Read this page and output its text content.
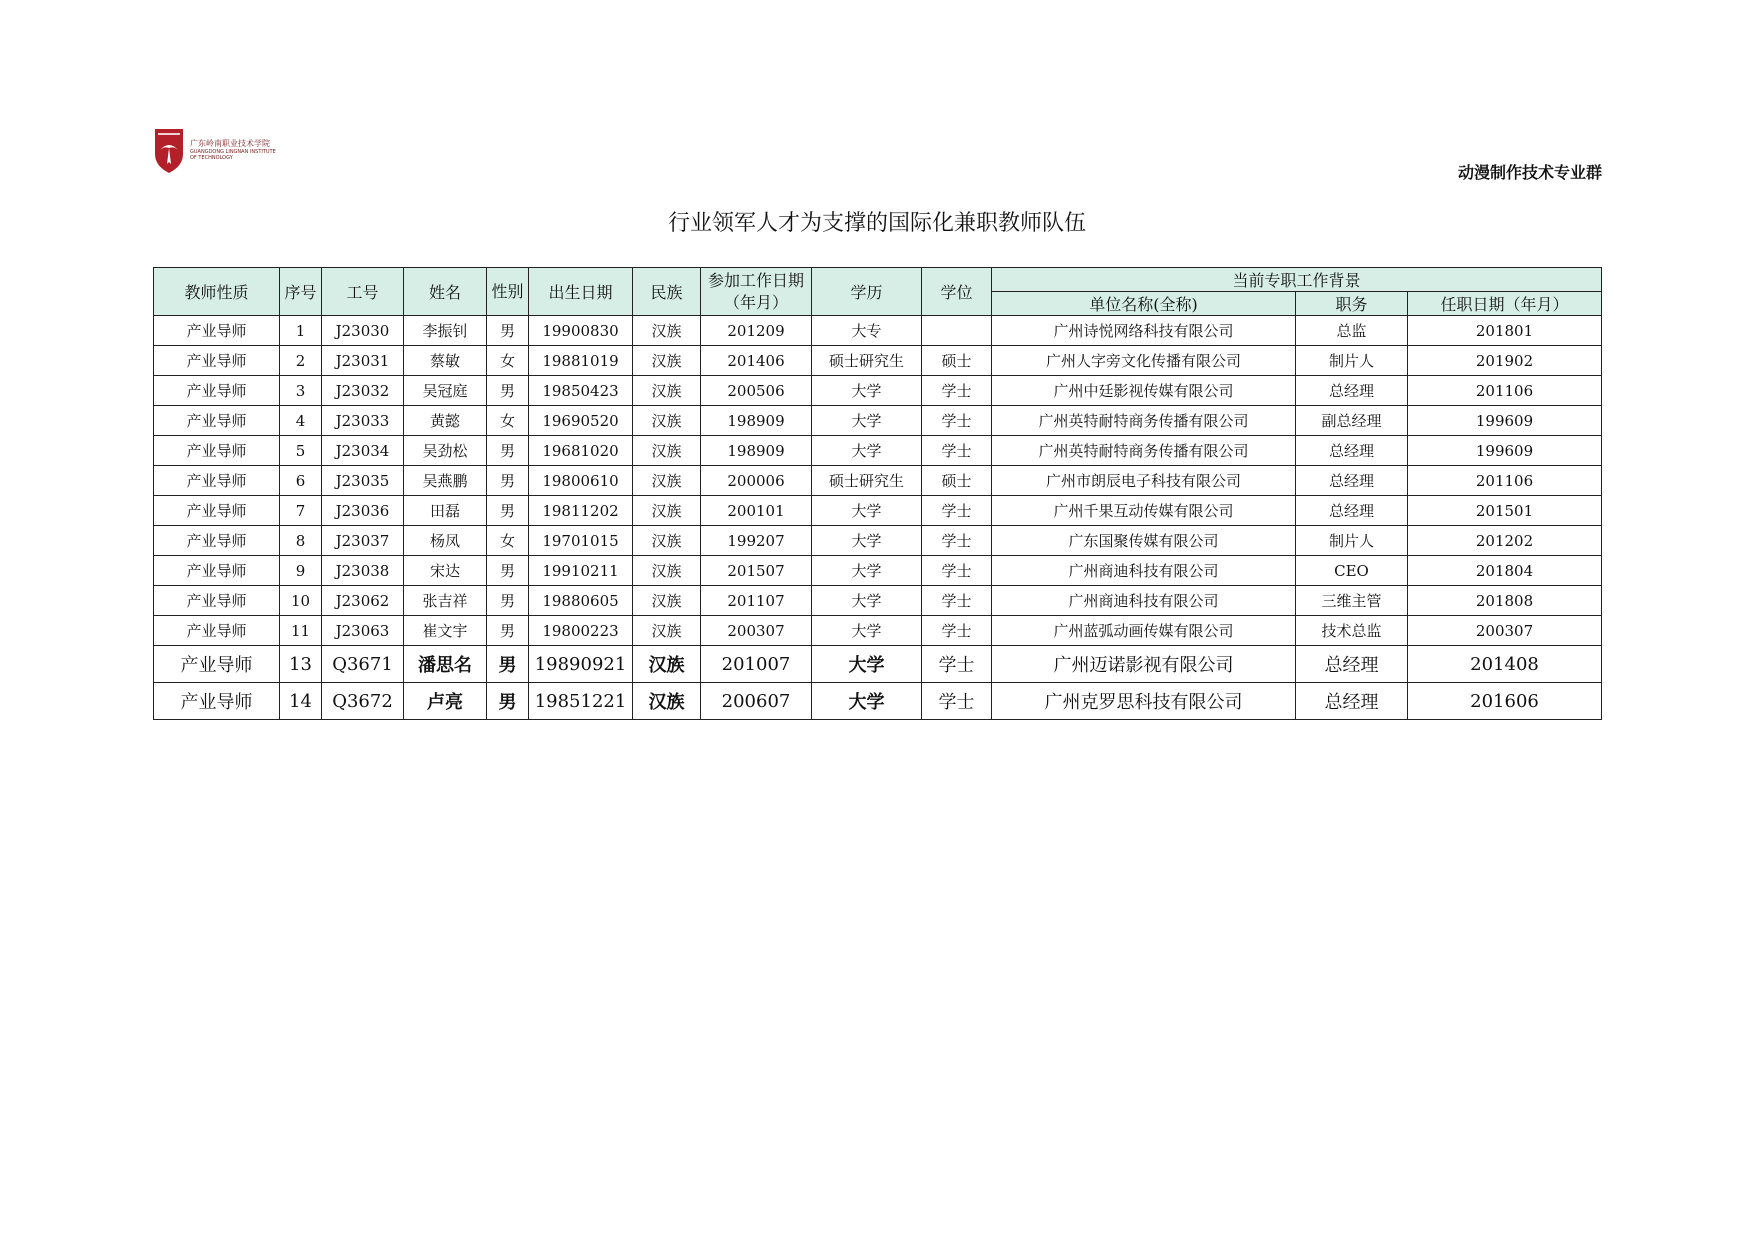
广东岭南职业技术学院
GUANGDONG LINGNAN INSTITUTE OF TECHNOLOGY
动漫制作技术专业群
行业领军人才为支撑的国际化兼职教师队伍
教师性质	序号	工号	姓名	性别	出生日期	民族	参加工作日期（年月）	学历	学位	当前专职工作背景		
										单位名称(全称)	职务	任职日期（年月）
产业导师	1	J23030	李振钊	男	19900830	汉族	201209	大专		广州诗悦网络科技有限公司	总监	201801
产业导师	2	J23031	蔡敏	女	19881019	汉族	201406	硕士研究生	硕士	广州人字旁文化传播有限公司	制片人	201902
产业导师	3	J23032	吴冠庭	男	19850423	汉族	200506	大学	学士	广州中廷影视传媒有限公司	总经理	201106
产业导师	4	J23033	黄懿	女	19690520	汉族	198909	大学	学士	广州英特耐特商务传播有限公司	副总经理	199609
产业导师	5	J23034	吴劲松	男	19681020	汉族	198909	大学	学士	广州英特耐特商务传播有限公司	总经理	199609
产业导师	6	J23035	吴燕鹏	男	19800610	汉族	200006	硕士研究生	硕士	广州市朗辰电子科技有限公司	总经理	201106
产业导师	7	J23036	田磊	男	19811202	汉族	200101	大学	学士	广州千果互动传媒有限公司	总经理	201501
产业导师	8	J23037	杨凤	女	19701015	汉族	199207	大学	学士	广东国聚传媒有限公司	制片人	201202
产业导师	9	J23038	宋达	男	19910211	汉族	201507	大学	学士	广州商迪科技有限公司	CEO	201804
产业导师	10	J23062	张吉祥	男	19880605	汉族	201107	大学	学士	广州商迪科技有限公司	三维主管	201808
产业导师	11	J23063	崔文宇	男	19800223	汉族	200307	大学	学士	广州蓝弧动画传媒有限公司	技术总监	200307
产业导师	13	Q3671	潘思名	男	19890921	汉族	201007	大学	学士	广州迈诺影视有限公司	总经理	201408
产业导师	14	Q3672	卢亮	男	19851221	汉族	200607	大学	学士	广州克罗思科技有限公司	总经理	201606
